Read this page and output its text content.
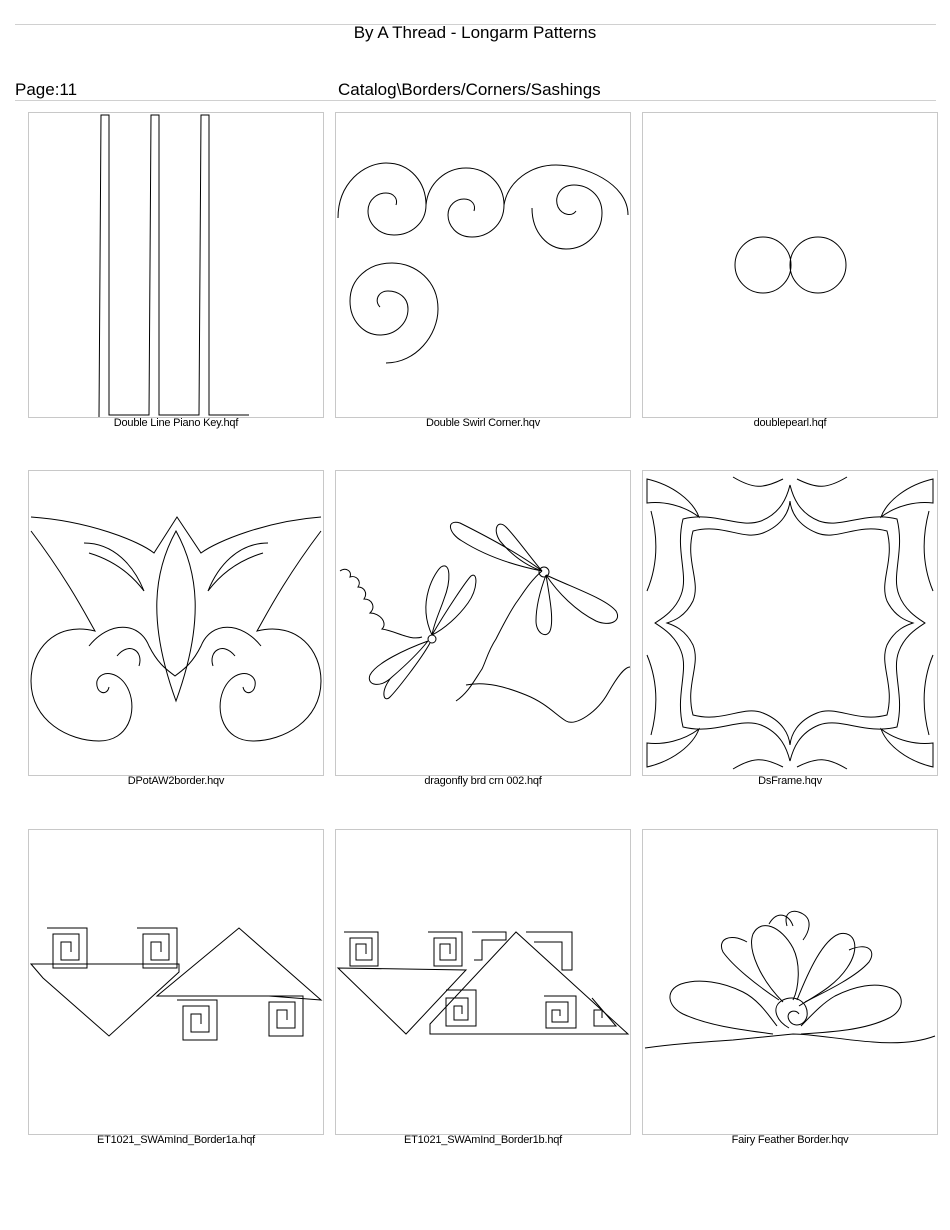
By A Thread - Longarm Patterns
Page:11	Catalog\Borders/Corners/Sashings
Double Line Piano Key.hqf	Double Swirl Corner.hqv	doublepearl.hqf
DPotAW2border.hqv	dragonfly brd crn 002.hqf	DsFrame.hqv
ET1021_SWAmInd_Border1a.hqf	ET1021_SWAmInd_Border1b.hqf	Fairy Feather Border.hqv
